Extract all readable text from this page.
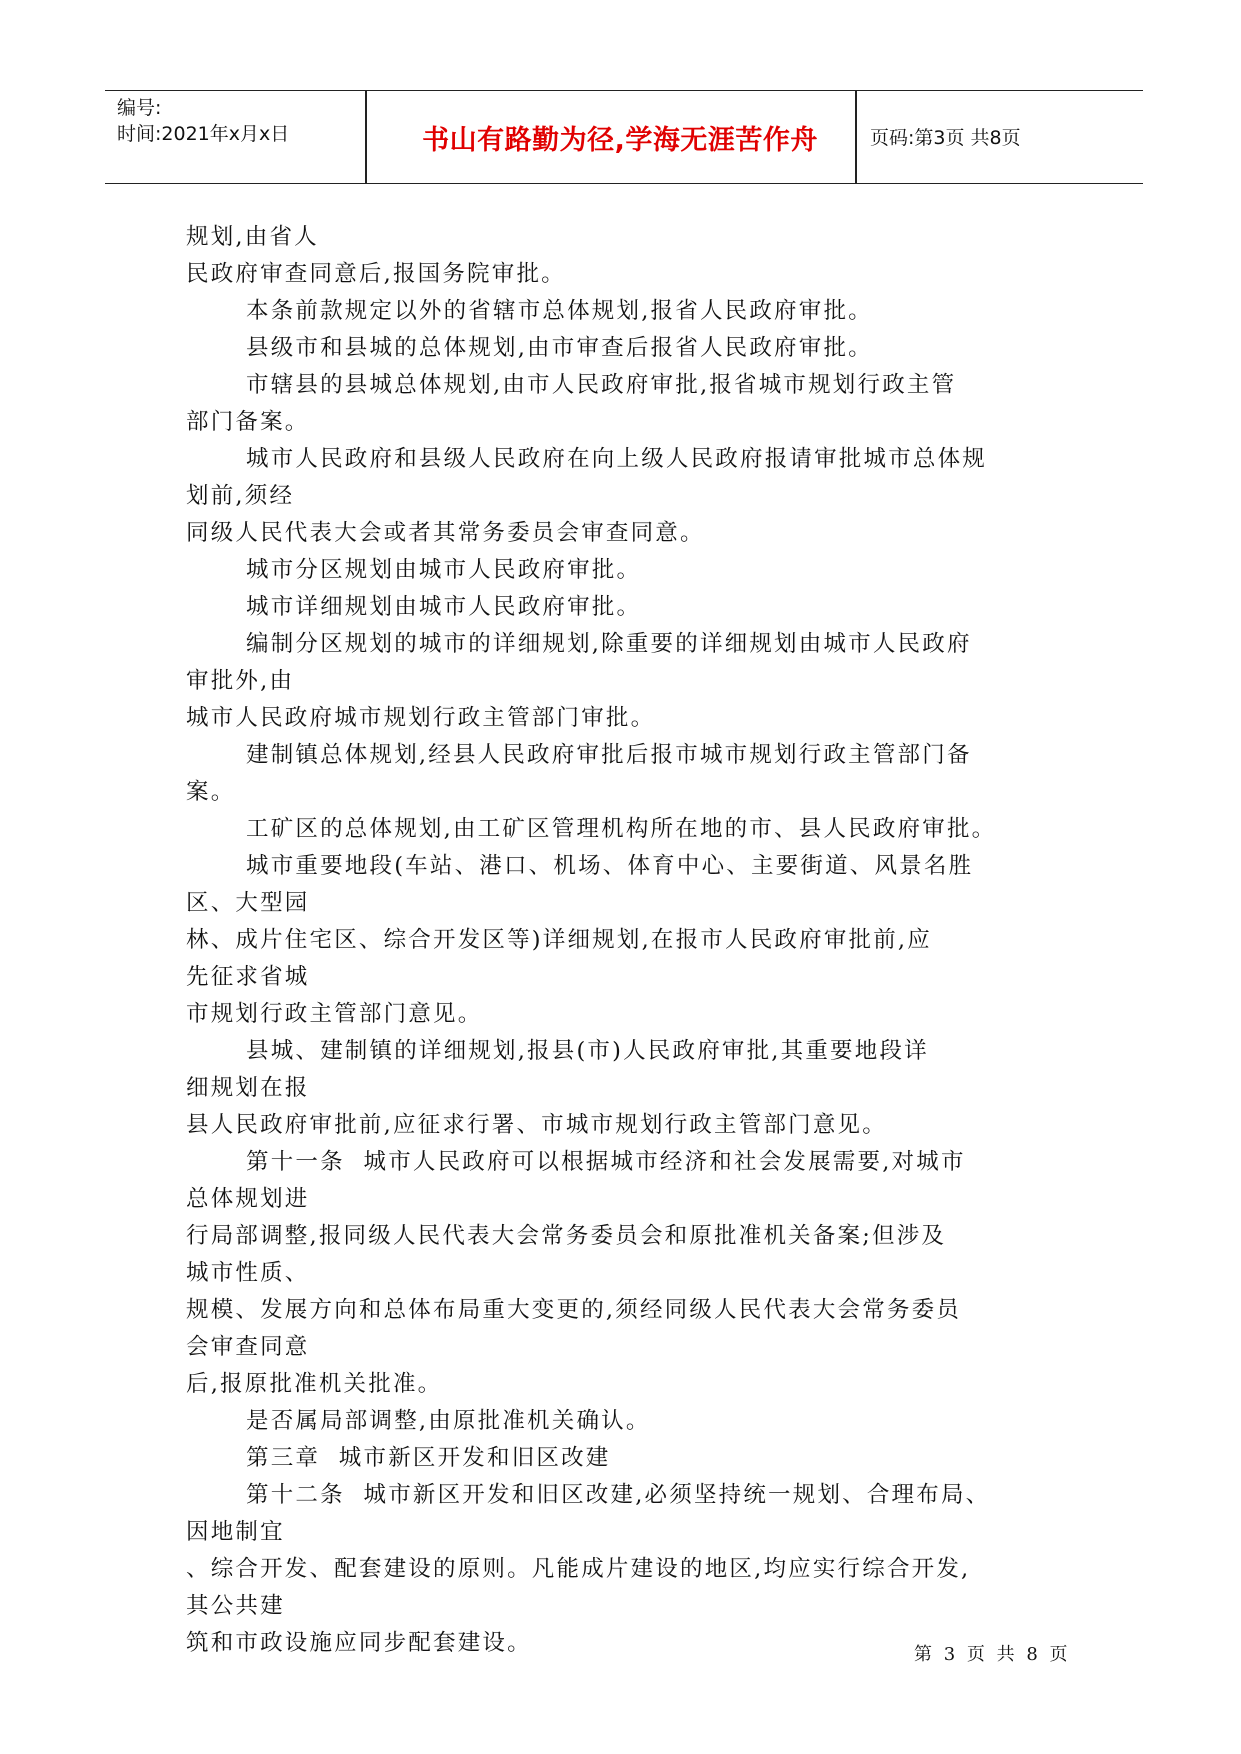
编号:
时间:2021年x月x日	书山有路勤为径,学海无涯苦作舟	页码:第3页 共8页

规划,由省人

民政府审查同意后,报国务院审批。

本条前款规定以外的省辖市总体规划,报省人民政府审批。

县级市和县城的总体规划,由市审查后报省人民政府审批。

市辖县的县城总体规划,由市人民政府审批,报省城市规划行政主管

部门备案。

城市人民政府和县级人民政府在向上级人民政府报请审批城市总体规

划前,须经

同级人民代表大会或者其常务委员会审查同意。

城市分区规划由城市人民政府审批。

城市详细规划由城市人民政府审批。

编制分区规划的城市的详细规划,除重要的详细规划由城市人民政府

审批外,由

城市人民政府城市规划行政主管部门审批。

建制镇总体规划,经县人民政府审批后报市城市规划行政主管部门备

案。

工矿区的总体规划,由工矿区管理机构所在地的市、县人民政府审批。

城市重要地段(车站、港口、机场、体育中心、主要街道、风景名胜

区、大型园

林、成片住宅区、综合开发区等)详细规划,在报市人民政府审批前,应

先征求省城

市规划行政主管部门意见。

县城、建制镇的详细规划,报县(市)人民政府审批,其重要地段详

细规划在报

县人民政府审批前,应征求行署、市城市规划行政主管部门意见。

第十一条  城市人民政府可以根据城市经济和社会发展需要,对城市

总体规划进

行局部调整,报同级人民代表大会常务委员会和原批准机关备案;但涉及

城市性质、

规模、发展方向和总体布局重大变更的,须经同级人民代表大会常务委员

会审查同意

后,报原批准机关批准。

是否属局部调整,由原批准机关确认。

第三章  城市新区开发和旧区改建

第十二条  城市新区开发和旧区改建,必须坚持统一规划、合理布局、

因地制宜

、综合开发、配套建设的原则。凡能成片建设的地区,均应实行综合开发,

其公共建

筑和市政设施应同步配套建设。	第 3 页 共 8 页
